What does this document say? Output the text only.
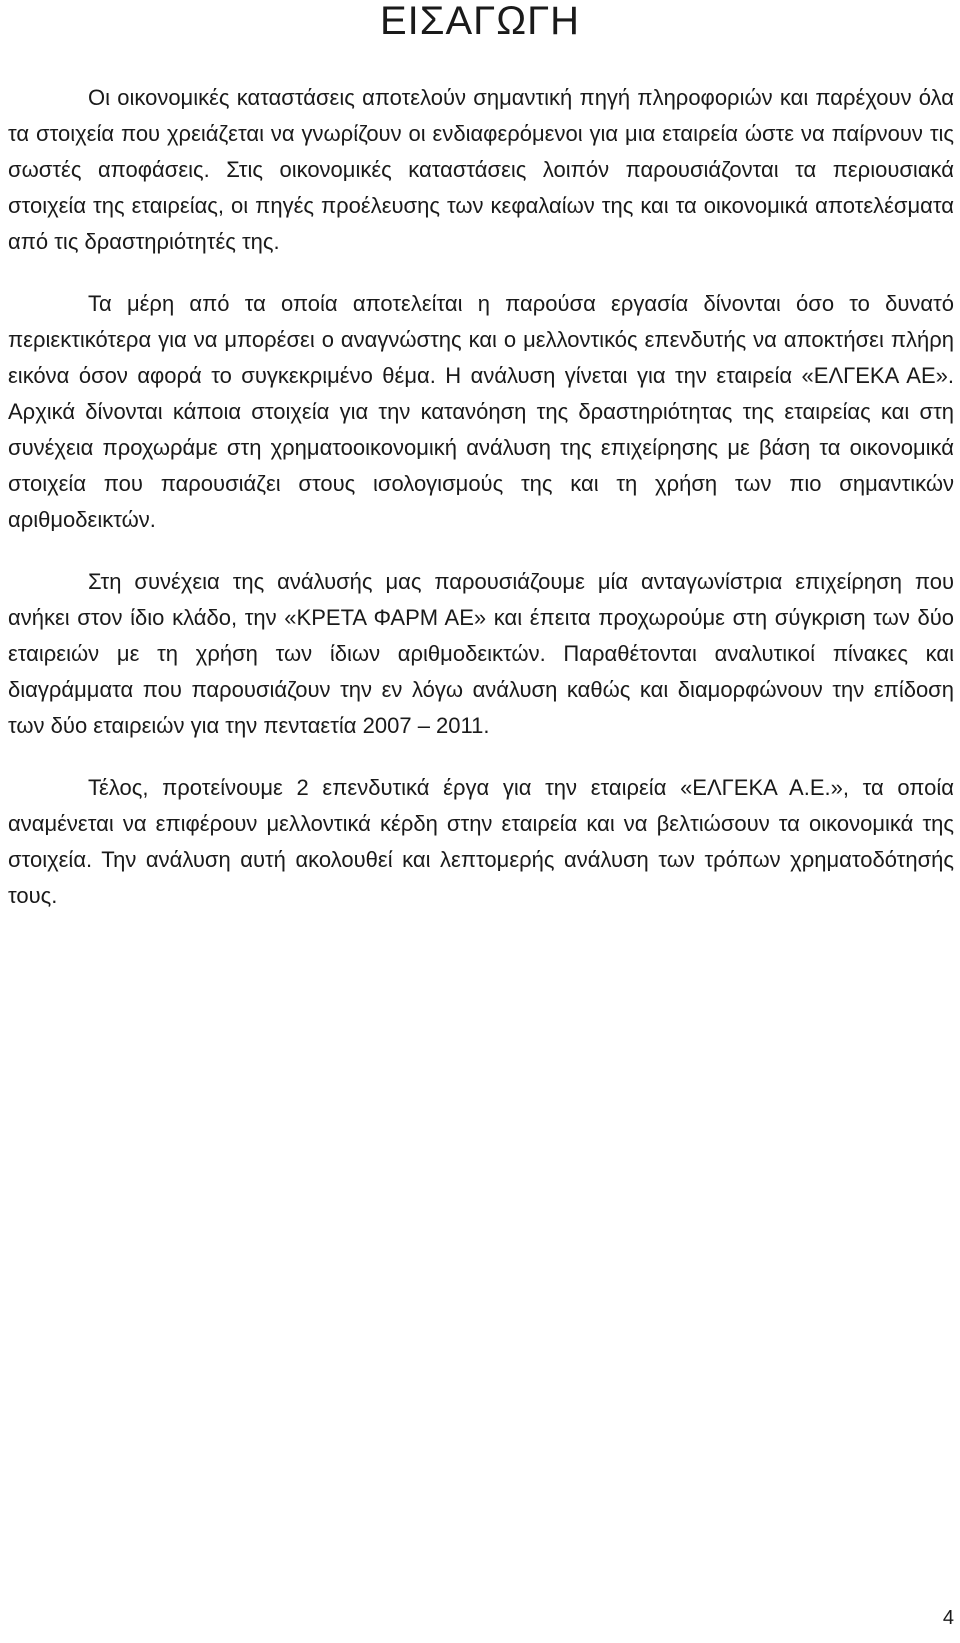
ΕΙΣΑΓΩΓΗ

Οι οικονομικές καταστάσεις αποτελούν σημαντική πηγή πληροφοριών και παρέχουν όλα τα στοιχεία που χρειάζεται να γνωρίζουν οι ενδιαφερόμενοι για μια εταιρεία ώστε να παίρνουν τις σωστές αποφάσεις. Στις οικονομικές καταστάσεις λοιπόν παρουσιάζονται τα περιουσιακά στοιχεία της εταιρείας, οι πηγές προέλευσης των κεφαλαίων της και τα οικονομικά αποτελέσματα από τις δραστηριότητές της.

Τα μέρη από τα οποία αποτελείται η παρούσα εργασία δίνονται όσο το δυνατό περιεκτικότερα για να μπορέσει ο αναγνώστης και ο μελλοντικός επενδυτής να αποκτήσει πλήρη εικόνα όσον αφορά το συγκεκριμένο θέμα. Η ανάλυση γίνεται για την εταιρεία «ΕΛΓΕΚΑ ΑΕ». Αρχικά δίνονται κάποια στοιχεία για την κατανόηση της δραστηριότητας της εταιρείας και στη συνέχεια προχωράμε στη χρηματοοικονομική ανάλυση της επιχείρησης με βάση τα οικονομικά στοιχεία που παρουσιάζει στους ισολογισμούς της και τη χρήση των πιο σημαντικών αριθμοδεικτών.

Στη συνέχεια της ανάλυσής μας παρουσιάζουμε μία ανταγωνίστρια επιχείρηση που ανήκει στον ίδιο κλάδο, την «ΚΡΕΤΑ ΦΑΡΜ ΑΕ» και έπειτα προχωρούμε στη σύγκριση των δύο εταιρειών με τη χρήση των ίδιων αριθμοδεικτών. Παραθέτονται αναλυτικοί πίνακες και διαγράμματα που παρουσιάζουν την εν λόγω ανάλυση καθώς και διαμορφώνουν την επίδοση των δύο εταιρειών για την πενταετία 2007 – 2011.

Τέλος, προτείνουμε 2 επενδυτικά έργα για την εταιρεία «ΕΛΓΕΚΑ Α.Ε.», τα οποία αναμένεται να επιφέρουν μελλοντικά κέρδη στην εταιρεία και να βελτιώσουν τα οικονομικά της στοιχεία. Την ανάλυση αυτή ακολουθεί και λεπτομερής ανάλυση των τρόπων χρηματοδότησής τους.

4
